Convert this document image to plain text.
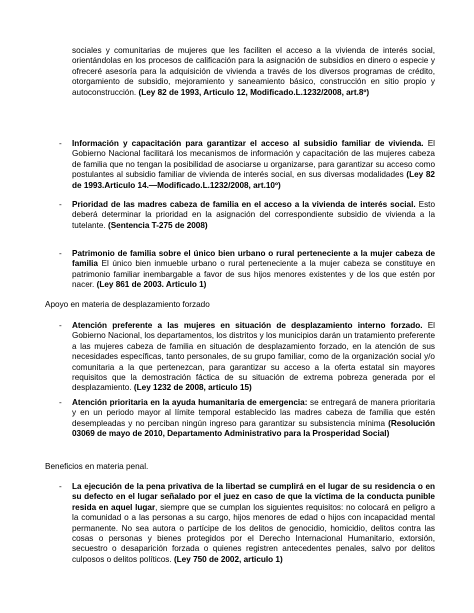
sociales y comunitarias de mujeres que les faciliten el acceso a la vivienda de interés social, orientándolas en los procesos de calificación para la asignación de subsidios en dinero o especie y ofreceré asesoría para la adquisición de vivienda a través de los diversos programas de crédito, otorgamiento de subsidio, mejoramiento y saneamiento básico, construcción en sitio propio y autoconstrucción. (Ley 82 de 1993, Articulo 12, Modificado.L.1232/2008, art.8º)
- Información y capacitación para garantizar el acceso al subsidio familiar de vivienda. El Gobierno Nacional facilitará los mecanismos de información y capacitación de las mujeres cabeza de familia que no tengan la posibilidad de asociarse u organizarse, para garantizar su acceso como postulantes al subsidio familiar de vivienda de interés social, en sus diversas modalidades (Ley 82 de 1993.Articulo 14.—Modificado.L.1232/2008, art.10º)
- Prioridad de las madres cabeza de familia en el acceso a la vivienda de interés social. Esto deberá determinar la prioridad en la asignación del correspondiente subsidio de vivienda a la tutelante. (Sentencia T-275 de 2008)
- Patrimonio de familia sobre el único bien urbano o rural perteneciente a la mujer cabeza de familia El único bien inmueble urbano o rural perteneciente a la mujer cabeza se constituye en patrimonio familiar inembargable a favor de sus hijos menores existentes y de los que estén por nacer. (Ley 861 de 2003. Articulo 1)
Apoyo en materia de desplazamiento forzado
- Atención preferente a las mujeres en situación de desplazamiento interno forzado. El Gobierno Nacional, los departamentos, los distritos y los municipios darán un tratamiento preferente a las mujeres cabeza de familia en situación de desplazamiento forzado, en la atención de sus necesidades específicas, tanto personales, de su grupo familiar, como de la organización social y/o comunitaria a la que pertenezcan, para garantizar su acceso a la oferta estatal sin mayores requisitos que la demostración fáctica de su situación de extrema pobreza generada por el desplazamiento. (Ley 1232 de 2008, articulo 15)
- Atención prioritaria en la ayuda humanitaria de emergencia: se entregará de manera prioritaria y en un periodo mayor al límite temporal establecido las madres cabeza de familia que estén desempleadas y no perciban ningún ingreso para garantizar su subsistencia mínima (Resolución 03069 de mayo de 2010, Departamento Administrativo para la Prosperidad Social)
Beneficios en materia penal.
- La ejecución de la pena privativa de la libertad se cumplirá en el lugar de su residencia o en su defecto en el lugar señalado por el juez en caso de que la víctima de la conducta punible resida en aquel lugar, siempre que se cumplan los siguientes requisitos: no colocará en peligro a la comunidad o a las personas a su cargo, hijos menores de edad o hijos con incapacidad mental permanente. No sea autora o partícipe de los delitos de genocidio, homicidio, delitos contra las cosas o personas y bienes protegidos por el Derecho Internacional Humanitario, extorsión, secuestro o desaparición forzada o quienes registren antecedentes penales, salvo por delitos culposos o delitos políticos. (Ley 750 de 2002, articulo 1)
